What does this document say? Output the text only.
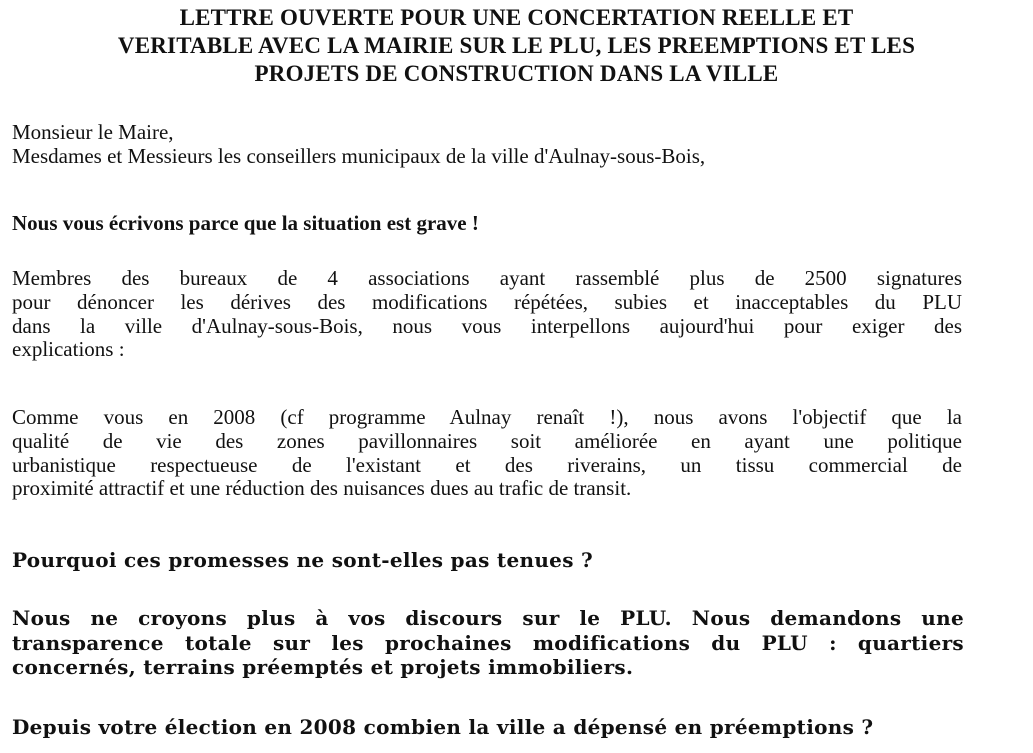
LETTRE OUVERTE POUR UNE CONCERTATION REELLE ET
VERITABLE AVEC LA MAIRIE SUR LE PLU, LES PREEMPTIONS ET LES
PROJETS DE CONSTRUCTION DANS LA VILLE

Monsieur le Maire,
Mesdames et Messieurs les conseillers municipaux de la ville d'Aulnay-sous-Bois,

Nous vous écrivons parce que la situation est grave !

Membres des bureaux de 4 associations ayant rassemblé plus de 2500 signatures
pour dénoncer les dérives des modifications répétées, subies et inacceptables du PLU
dans la ville d'Aulnay-sous-Bois, nous vous interpellons aujourd'hui pour exiger des
explications :

Comme vous en 2008 (cf programme Aulnay renaît !), nous avons l'objectif que la
qualité de vie des zones pavillonnaires soit améliorée en ayant une politique
urbanistique respectueuse de l'existant et des riverains, un tissu commercial de
proximité attractif et une réduction des nuisances dues au trafic de transit.

Pourquoi ces promesses ne sont-elles pas tenues ?

Nous ne croyons plus à vos discours sur le PLU. Nous demandons une
transparence totale sur les prochaines modifications du PLU : quartiers
concernés, terrains préemptés et projets immobiliers.

Depuis votre élection en 2008 combien la ville a dépensé en préemptions ?
